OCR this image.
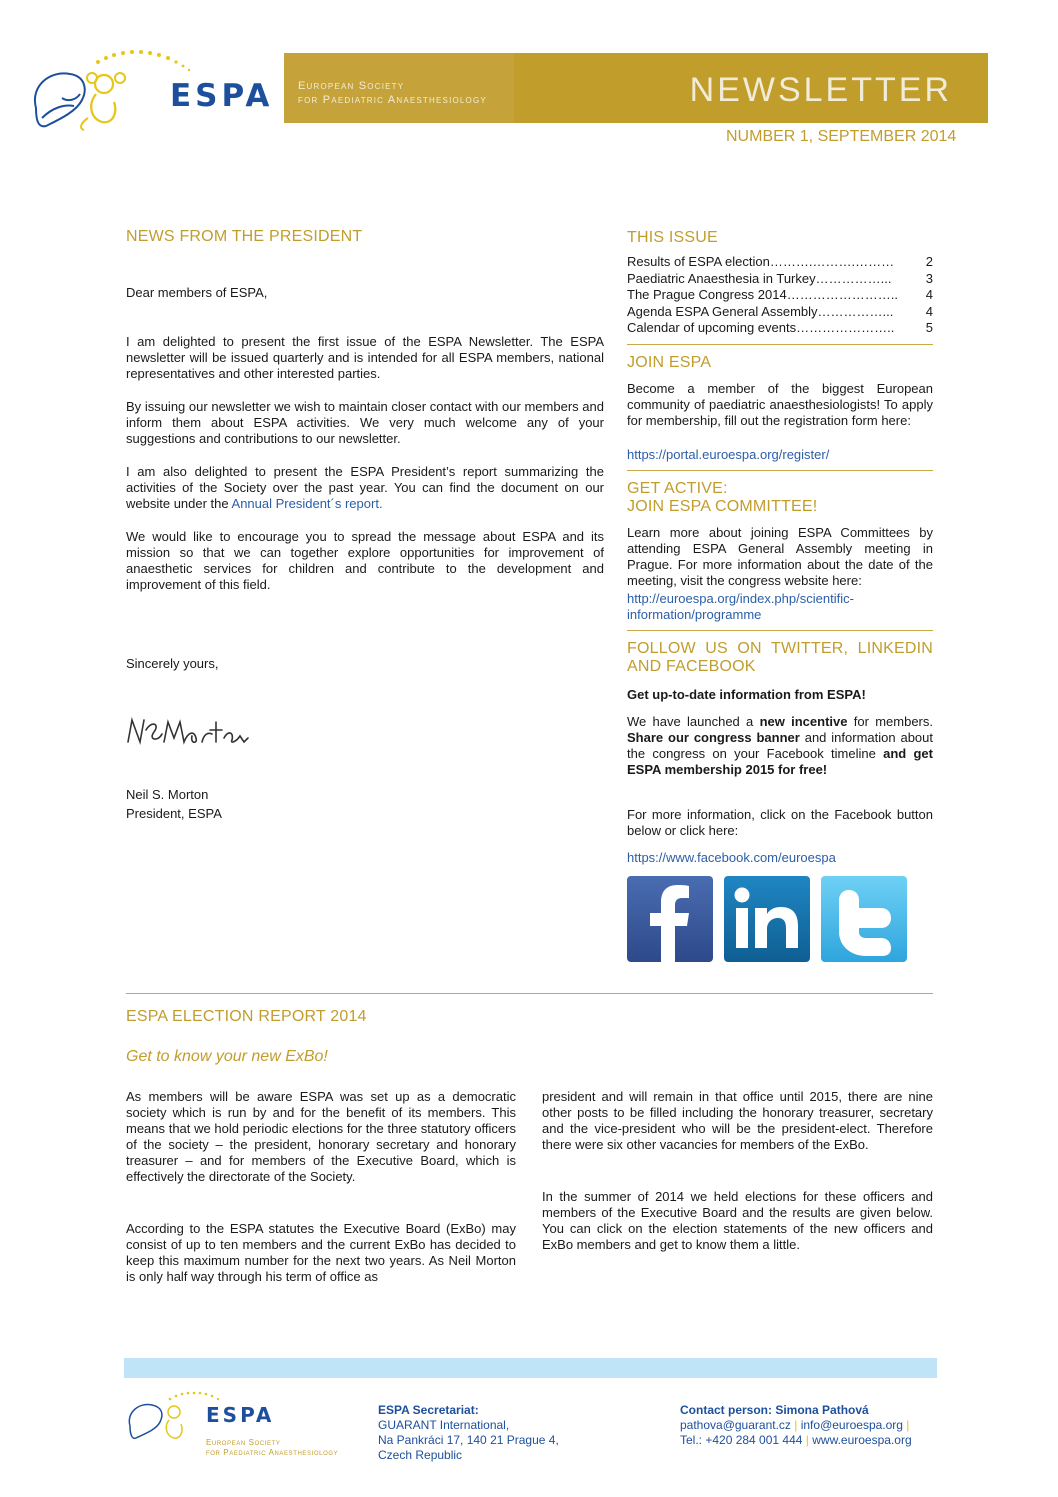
ESPA European Society
for Paediatric Anaesthesiology	NEWSLETTER
NUMBER 1, SEPTEMBER 2014
NEWS FROM THE PRESIDENT
Dear members of ESPA,

I am delighted to present the first issue of the ESPA Newsletter. The ESPA newsletter will be issued quarterly and is intended for all ESPA members, national representatives and other interested parties.

By issuing our newsletter we wish to maintain closer contact with our members and inform them about ESPA activities. We very much welcome any of your suggestions and contributions to our newsletter.

I am also delighted to present the ESPA President’s report summarizing the activities of the Society over the past year. You can find the document on our website under the Annual President´s report.

We would like to encourage you to spread the message about ESPA and its mission so that we can together explore opportunities for improvement of anaesthetic services for children and contribute to the development and improvement of this field.

Sincerely yours,
Neil S. Morton
President, ESPA
THIS ISSUE
Results of ESPA election ……….……….………	2
Paediatric Anaesthesia in Turkey ……………...	3
The Prague Congress 2014 ……………………..	4
Agenda ESPA General Assembly ……………...	4
Calendar of upcoming events …………………..	5
JOIN ESPA

Become a member of the biggest European community of paediatric anaesthesiologists! To apply for membership, fill out the registration form here:

https://portal.euroespa.org/register/
GET ACTIVE:
JOIN ESPA COMMITTEE!

Learn more about joining ESPA Committees by attending ESPA General Assembly meeting in Prague. For more information about the date of the meeting, visit the congress website here:

http://euroespa.org/index.php/scientific-
information/programme
FOLLOW US ON TWITTER, LINKEDIN
AND FACEBOOK
Get up-to-date information from ESPA!

We have launched a new incentive for members. Share our congress banner and information about the congress on your Facebook timeline and get ESPA membership 2015 for free!

For more information, click on the Facebook button below or click here:

https://www.facebook.com/euroespa
ESPA ELECTION REPORT 2014
Get to know your new ExBo!

As members will be aware ESPA was set up as a democratic society which is run by and for the benefit of its members. This means that we hold periodic elections for the three statutory officers of the society – the president, honorary secretary and honorary treasurer – and for members of the Executive Board, which is effectively the directorate of the Society.

According to the ESPA statutes the Executive Board (ExBo) may consist of up to ten members and the current ExBo has decided to keep this maximum number for the next two years. As Neil Morton is only half way through his term of office as

president and will remain in that office until 2015, there are nine other posts to be filled including the honorary treasurer, secretary and the vice-president who will be the president-elect. Therefore there were six other vacancies for members of the ExBo.

In the summer of 2014 we held elections for these officers and members of the Executive Board and the results are given below. You can click on the election statements of the new officers and ExBo members and get to know them a little.

ESPA
European Society
for Paediatric Anaesthesiology
ESPA Secretariat:
GUARANT International,
Na Pankráci 17, 140 21 Prague 4,
Czech Republic
Contact person: Simona Pathová
pathova@guarant.cz | info@euroespa.org |
Tel.: +420 284 001 444 | www.euroespa.org
